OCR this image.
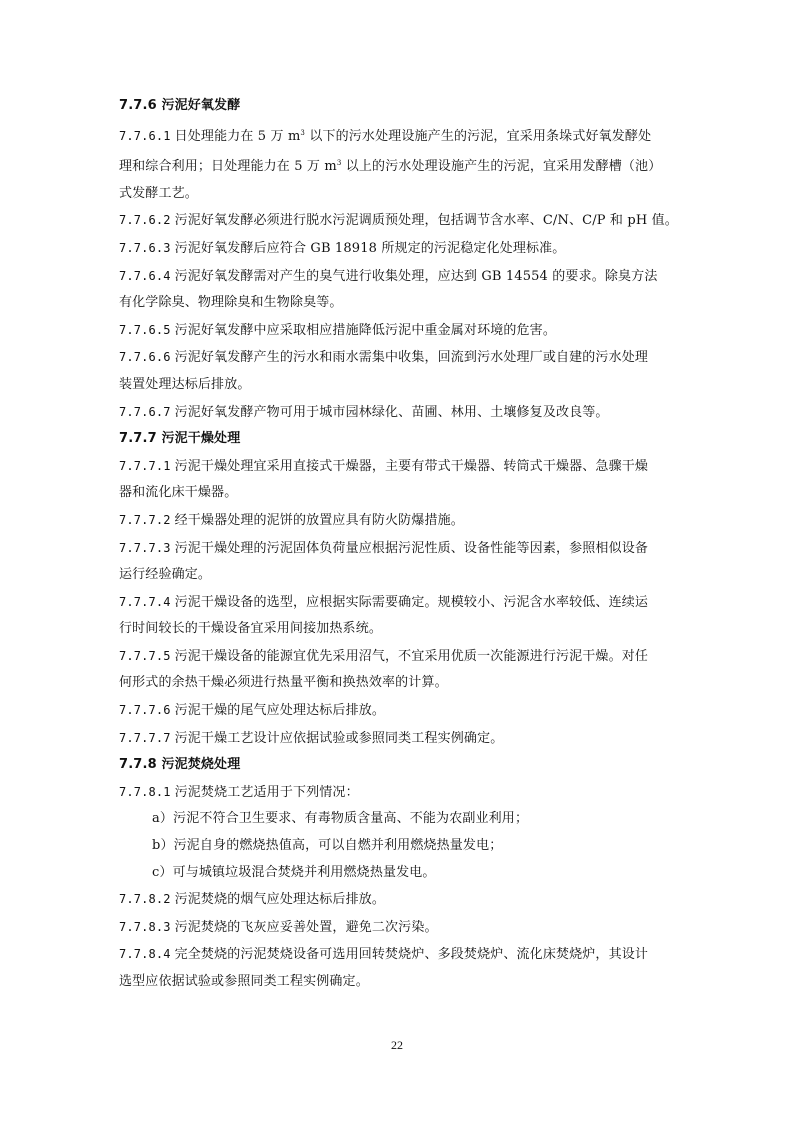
7.7.6 污泥好氧发酵
7.7.6.1 日处理能力在 5 万 $m^3$ 以下的污水处理设施产生的污泥，宜采用条垛式好氧发酵处
理和综合利用；日处理能力在 5 万 $m^3$ 以上的污水处理设施产生的污泥，宜采用发酵槽（池）
式发酵工艺。
7.7.6.2 污泥好氧发酵必须进行脱水污泥调质预处理，包括调节含水率、C/N、C/P 和 pH 值。
7.7.6.3 污泥好氧发酵后应符合 GB 18918 所规定的污泥稳定化处理标准。
7.7.6.4 污泥好氧发酵需对产生的臭气进行收集处理，应达到 GB 14554 的要求。除臭方法
有化学除臭、物理除臭和生物除臭等。
7.7.6.5 污泥好氧发酵中应采取相应措施降低污泥中重金属对环境的危害。
7.7.6.6 污泥好氧发酵产生的污水和雨水需集中收集，回流到污水处理厂或自建的污水处理
装置处理达标后排放。
7.7.6.7 污泥好氧发酵产物可用于城市园林绿化、苗圃、林用、土壤修复及改良等。
7.7.7 污泥干燥处理
7.7.7.1 污泥干燥处理宜采用直接式干燥器，主要有带式干燥器、转筒式干燥器、急骤干燥
器和流化床干燥器。
7.7.7.2 经干燥器处理的泥饼的放置应具有防火防爆措施。
7.7.7.3 污泥干燥处理的污泥固体负荷量应根据污泥性质、设备性能等因素，参照相似设备
运行经验确定。
7.7.7.4 污泥干燥设备的选型，应根据实际需要确定。规模较小、污泥含水率较低、连续运
行时间较长的干燥设备宜采用间接加热系统。
7.7.7.5 污泥干燥设备的能源宜优先采用沼气，不宜采用优质一次能源进行污泥干燥。对任
何形式的余热干燥必须进行热量平衡和换热效率的计算。
7.7.7.6 污泥干燥的尾气应处理达标后排放。
7.7.7.7 污泥干燥工艺设计应依据试验或参照同类工程实例确定。
7.7.8 污泥焚烧处理
7.7.8.1 污泥焚烧工艺适用于下列情况：
a）污泥不符合卫生要求、有毒物质含量高、不能为农副业利用；
b）污泥自身的燃烧热值高，可以自燃并利用燃烧热量发电；
c）可与城镇垃圾混合焚烧并利用燃烧热量发电。
7.7.8.2 污泥焚烧的烟气应处理达标后排放。
7.7.8.3 污泥焚烧的飞灰应妥善处置，避免二次污染。
7.7.8.4 完全焚烧的污泥焚烧设备可选用回转焚烧炉、多段焚烧炉、流化床焚烧炉，其设计
选型应依据试验或参照同类工程实例确定。
22
